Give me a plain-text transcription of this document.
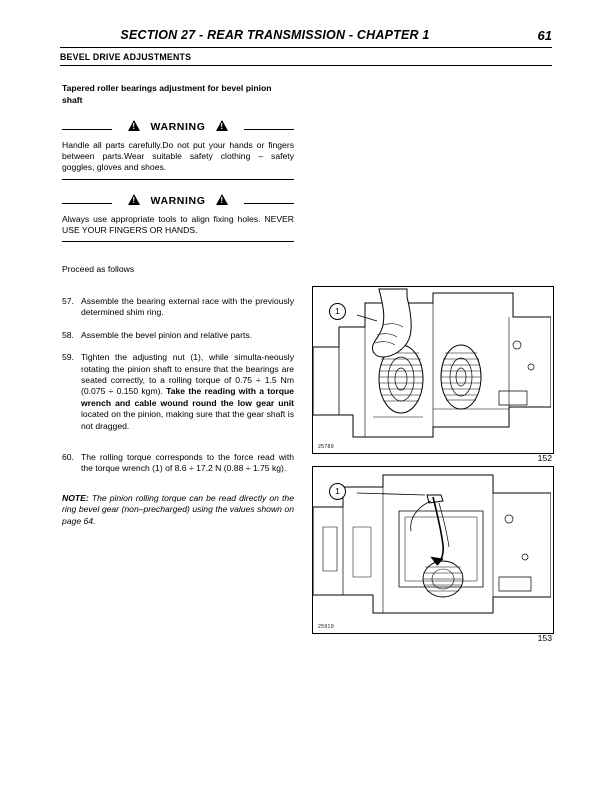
SECTION 27 - REAR TRANSMISSION - CHAPTER 1	61
BEVEL DRIVE ADJUSTMENTS
Tapered roller bearings adjustment for bevel pinion shaft
! WARNING !
Handle all parts carefully.Do not put your hands or fingers between parts.Wear suitable safety clothing – safety goggles, gloves and shoes.
! WARNING !
Always use appropriate tools to align fixing holes. NEVER USE YOUR FINGERS OR HANDS.
Proceed as follows
57. Assemble the bearing external race with the previously determined shim ring.
58. Assemble the bevel pinion and relative parts.
59. Tighten the adjusting nut (1), while simulta-neously rotating the pinion shaft to ensure that the bearings are seated correctly, to a rolling torque of 0.75 ÷ 1.5 Nm (0.075 ÷ 0.150 kgm). Take the reading with a torque wrench and cable wound round the low gear unit located on the pinion, making sure that the gear shaft is not dragged.
60. The rolling torque corresponds to the force read with the torque wrench (1) of 8.6 ÷ 17.2 N (0.88 ÷ 1.75 kg).
NOTE: The pinion rolling torque can be read directly on the ring bevel gear (non–precharged) using the values shown on page 64.
1
25789
152
1
25919
153
